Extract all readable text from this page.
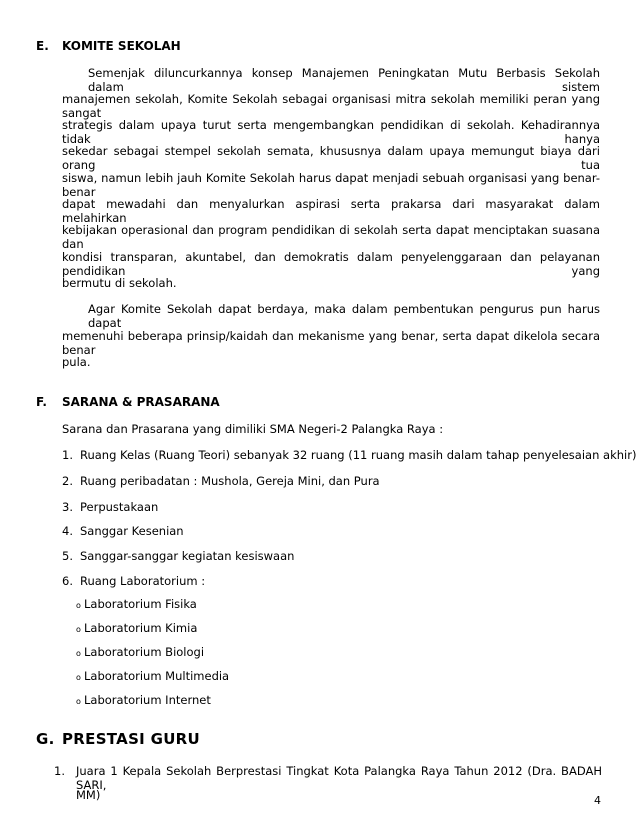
E. KOMITE SEKOLAH
Semenjak diluncurkannya konsep Manajemen Peningkatan Mutu Berbasis Sekolah dalam sistem
manajemen sekolah, Komite Sekolah sebagai organisasi mitra sekolah memiliki peran yang sangat
strategis dalam upaya turut serta mengembangkan pendidikan di sekolah. Kehadirannya tidak hanya
sekedar sebagai stempel sekolah semata, khususnya dalam upaya memungut biaya dari orang tua
siswa, namun lebih jauh Komite Sekolah harus dapat menjadi sebuah organisasi yang benar-benar
dapat mewadahi dan menyalurkan aspirasi serta prakarsa dari masyarakat dalam melahirkan
kebijakan operasional dan program pendidikan di sekolah serta dapat menciptakan suasana dan
kondisi transparan, akuntabel, dan demokratis dalam penyelenggaraan dan pelayanan pendidikan yang
bermutu di sekolah.
Agar Komite Sekolah dapat berdaya, maka dalam pembentukan pengurus pun harus dapat
memenuhi beberapa prinsip/kaidah dan mekanisme yang benar, serta dapat dikelola secara benar
pula.
F. SARANA & PRASARANA
Sarana dan Prasarana yang dimiliki SMA Negeri-2 Palangka Raya :
1. Ruang Kelas (Ruang Teori) sebanyak 32 ruang (11 ruang masih dalam tahap penyelesaian akhir)
2. Ruang peribadatan : Mushola, Gereja Mini, dan Pura
3. Perpustakaan
4. Sanggar Kesenian
5. Sanggar-sanggar kegiatan kesiswaan
6. Ruang Laboratorium :
o Laboratorium Fisika
o Laboratorium Kimia
o Laboratorium Biologi
o Laboratorium Multimedia
o Laboratorium Internet
G. PRESTASI GURU
1. Juara 1 Kepala Sekolah Berprestasi Tingkat Kota Palangka Raya Tahun 2012 (Dra. BADAH SARI,
MM)	4
